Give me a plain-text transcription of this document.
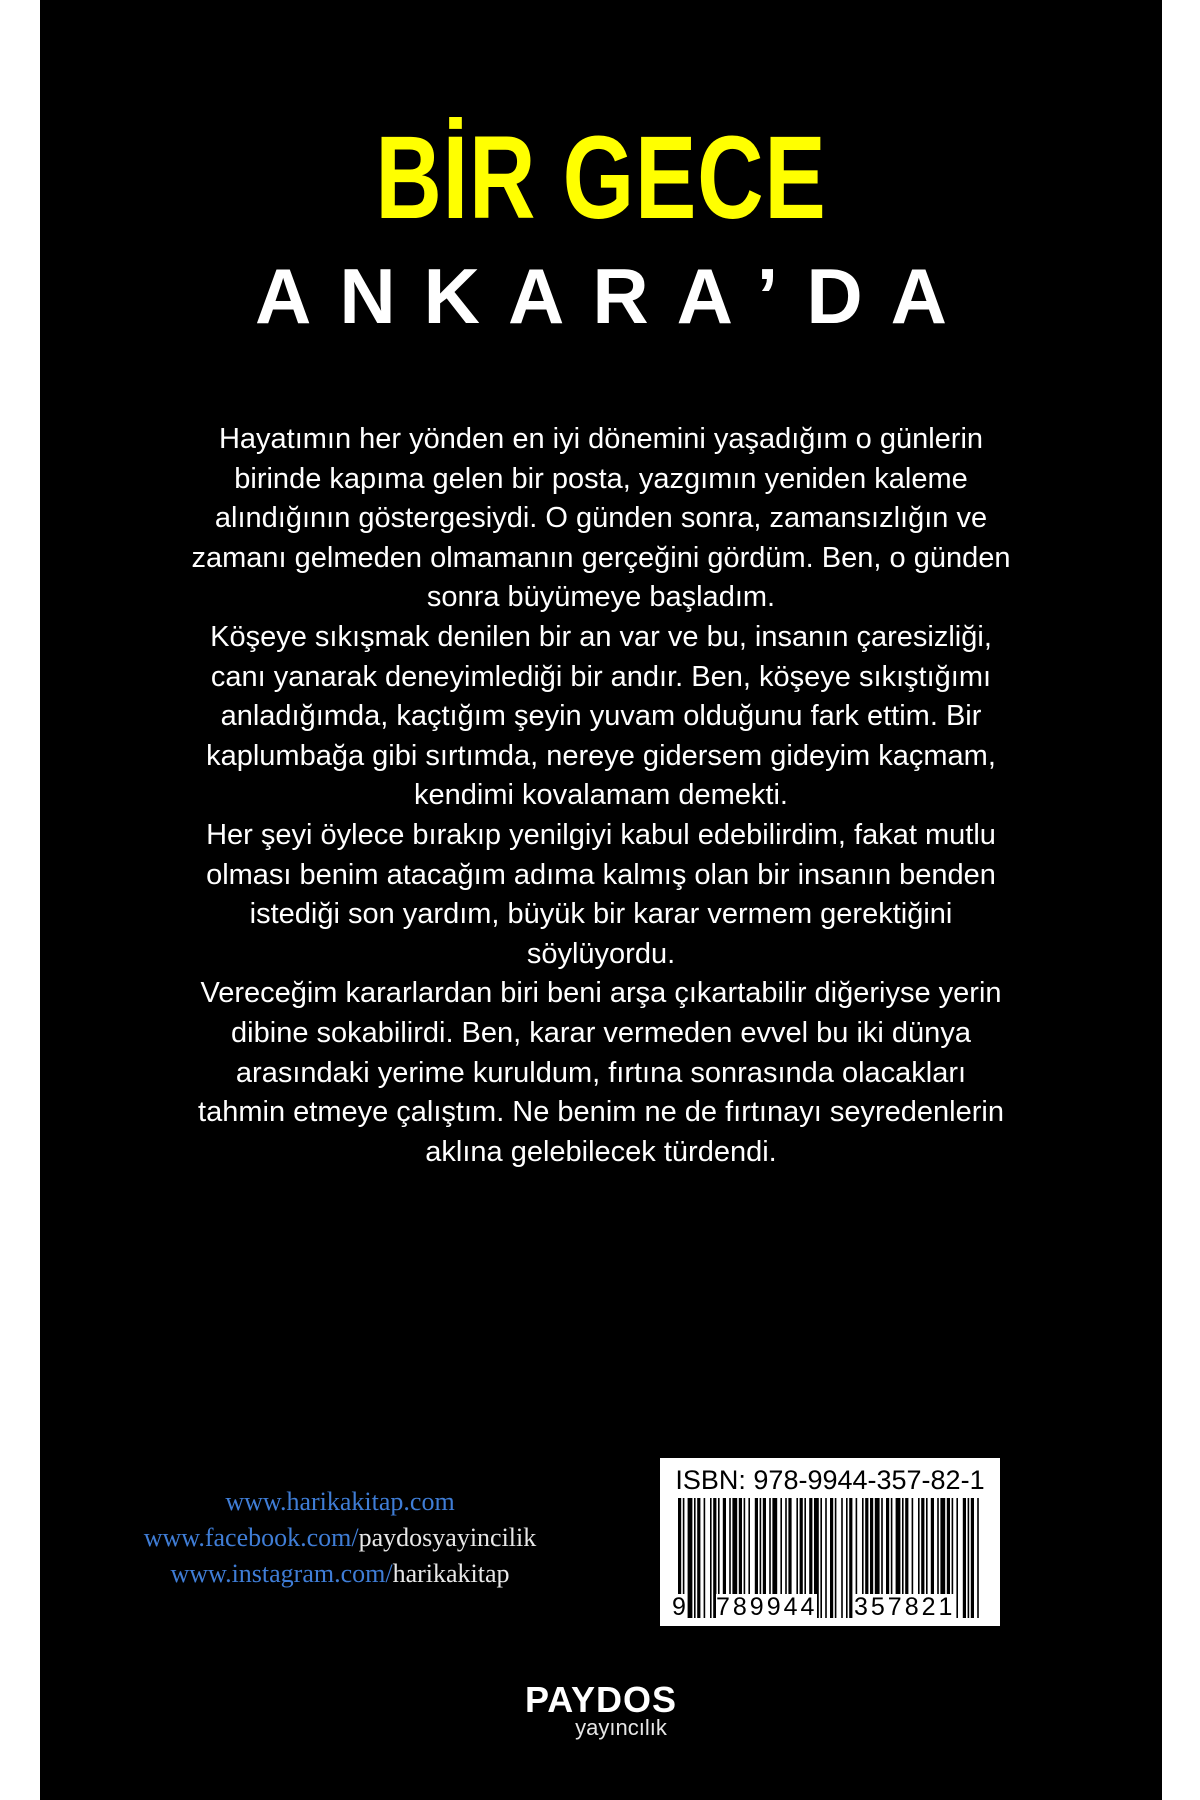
BİR GECE
ANKARA’DA

Hayatımın her yönden en iyi dönemini yaşadığım o günlerin birinde kapıma gelen bir posta, yazgımın yeniden kaleme alındığının göstergesiydi. O günden sonra, zamansızlığın ve zamanı gelmeden olmamanın gerçeğini gördüm. Ben, o günden sonra büyümeye başladım.

Köşeye sıkışmak denilen bir an var ve bu, insanın çaresizliği, canı yanarak deneyimlediği bir andır. Ben, köşeye sıkıştığımı anladığımda, kaçtığım şeyin yuvam olduğunu fark ettim. Bir kaplumbağa gibi sırtımda, nereye gidersem gideyim kaçmam, kendimi kovalamam demekti.

Her şeyi öylece bırakıp yenilgiyi kabul edebilirdim, fakat mutlu olması benim atacağım adıma kalmış olan bir insanın benden istediği son yardım, büyük bir karar vermem gerektiğini söylüyordu.

Vereceğim kararlardan biri beni arşa çıkartabilir diğeriyse yerin dibine sokabilirdi. Ben, karar vermeden evvel bu iki dünya arasındaki yerime kuruldum, fırtına sonrasında olacakları tahmin etmeye çalıştım. Ne benim ne de fırtınayı seyredenlerin aklına gelebilecek türdendi.

www.harikakitap.com
www.facebook.com/paydosyayincilik
www.instagram.com/harikakitap
ISBN: 978-9944-357-82-1
9 789944 357821
PAYDOS
yayıncılık
